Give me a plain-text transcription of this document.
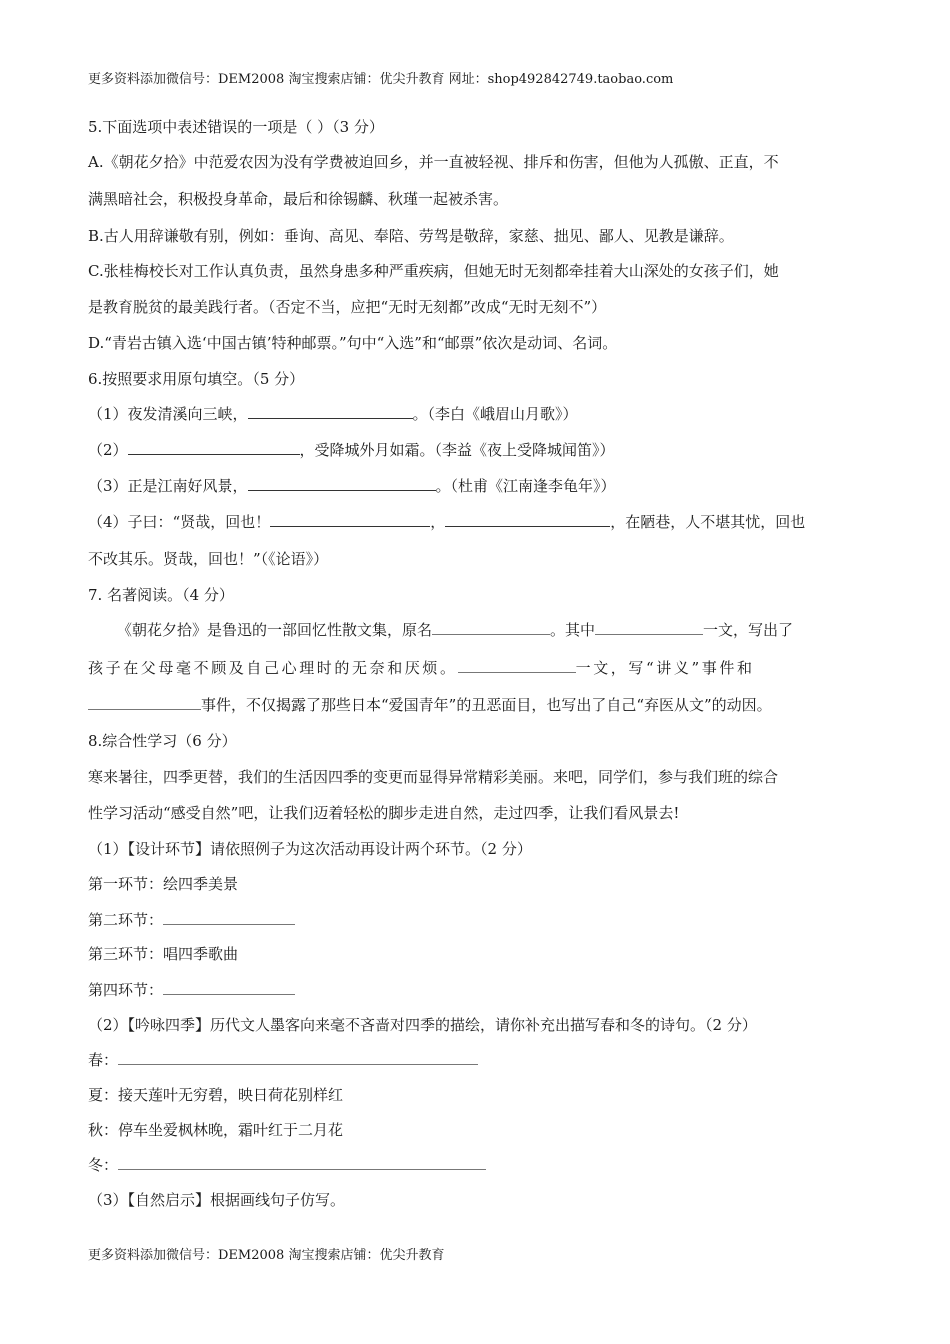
更多资料添加微信号：DEM2008 淘宝搜索店铺：优尖升教育 网址：shop492842749.taobao.com
5.下面选项中表述错误的一项是（ ）（3 分）
A.《朝花夕拾》中范爱农因为没有学费被迫回乡，并一直被轻视、排斥和伤害，但他为人孤傲、正直，不
满黑暗社会，积极投身革命，最后和徐锡麟、秋瑾一起被杀害。
B.古人用辞谦敬有别，例如：垂询、高见、奉陪、劳驾是敬辞，家慈、拙见、鄙人、见教是谦辞。
C.张桂梅校长对工作认真负责，虽然身患多种严重疾病，但她无时无刻都牵挂着大山深处的女孩子们，她
是教育脱贫的最美践行者。（否定不当，应把“无时无刻都”改成“无时无刻不”）
D.“青岩古镇入选‘中国古镇’特种邮票。”句中“入选”和“邮票”依次是动词、名词。
6.按照要求用原句填空。（5 分）
（1）夜发清溪向三峡，	。（李白《峨眉山月歌》）
（2）	，受降城外月如霜。（李益《夜上受降城闻笛》）
（3）正是江南好风景，	。（杜甫《江南逢李龟年》）
（4）子曰：“贤哉，回也！	，	，在陋巷，人不堪其忧，回也
不改其乐。贤哉，回也！”（《论语》）
7. 名著阅读。（4 分）
《朝花夕拾》是鲁迅的一部回忆性散文集，原名	。其中	一文，写出了
孩子在父母毫不顾及自己心理时的无奈和厌烦。	一文，写“讲义”事件和
事件，不仅揭露了那些日本“爱国青年”的丑恶面目，也写出了自己“弃医从文”的动因。
8.综合性学习（6 分）
寒来暑往，四季更替，我们的生活因四季的变更而显得异常精彩美丽。来吧，同学们，参与我们班的综合
性学习活动“感受自然”吧，让我们迈着轻松的脚步走进自然，走过四季，让我们看风景去!
（1）【设计环节】请依照例子为这次活动再设计两个环节。（2 分）
第一环节：绘四季美景
第二环节：
第三环节：唱四季歌曲
第四环节：
（2）【吟咏四季】历代文人墨客向来毫不吝啬对四季的描绘，请你补充出描写春和冬的诗句。（2 分）
春：
夏：接天莲叶无穷碧，映日荷花别样红
秋：停车坐爱枫林晚，霜叶红于二月花
冬：
（3）【自然启示】根据画线句子仿写。
更多资料添加微信号：DEM2008 淘宝搜索店铺：优尖升教育
